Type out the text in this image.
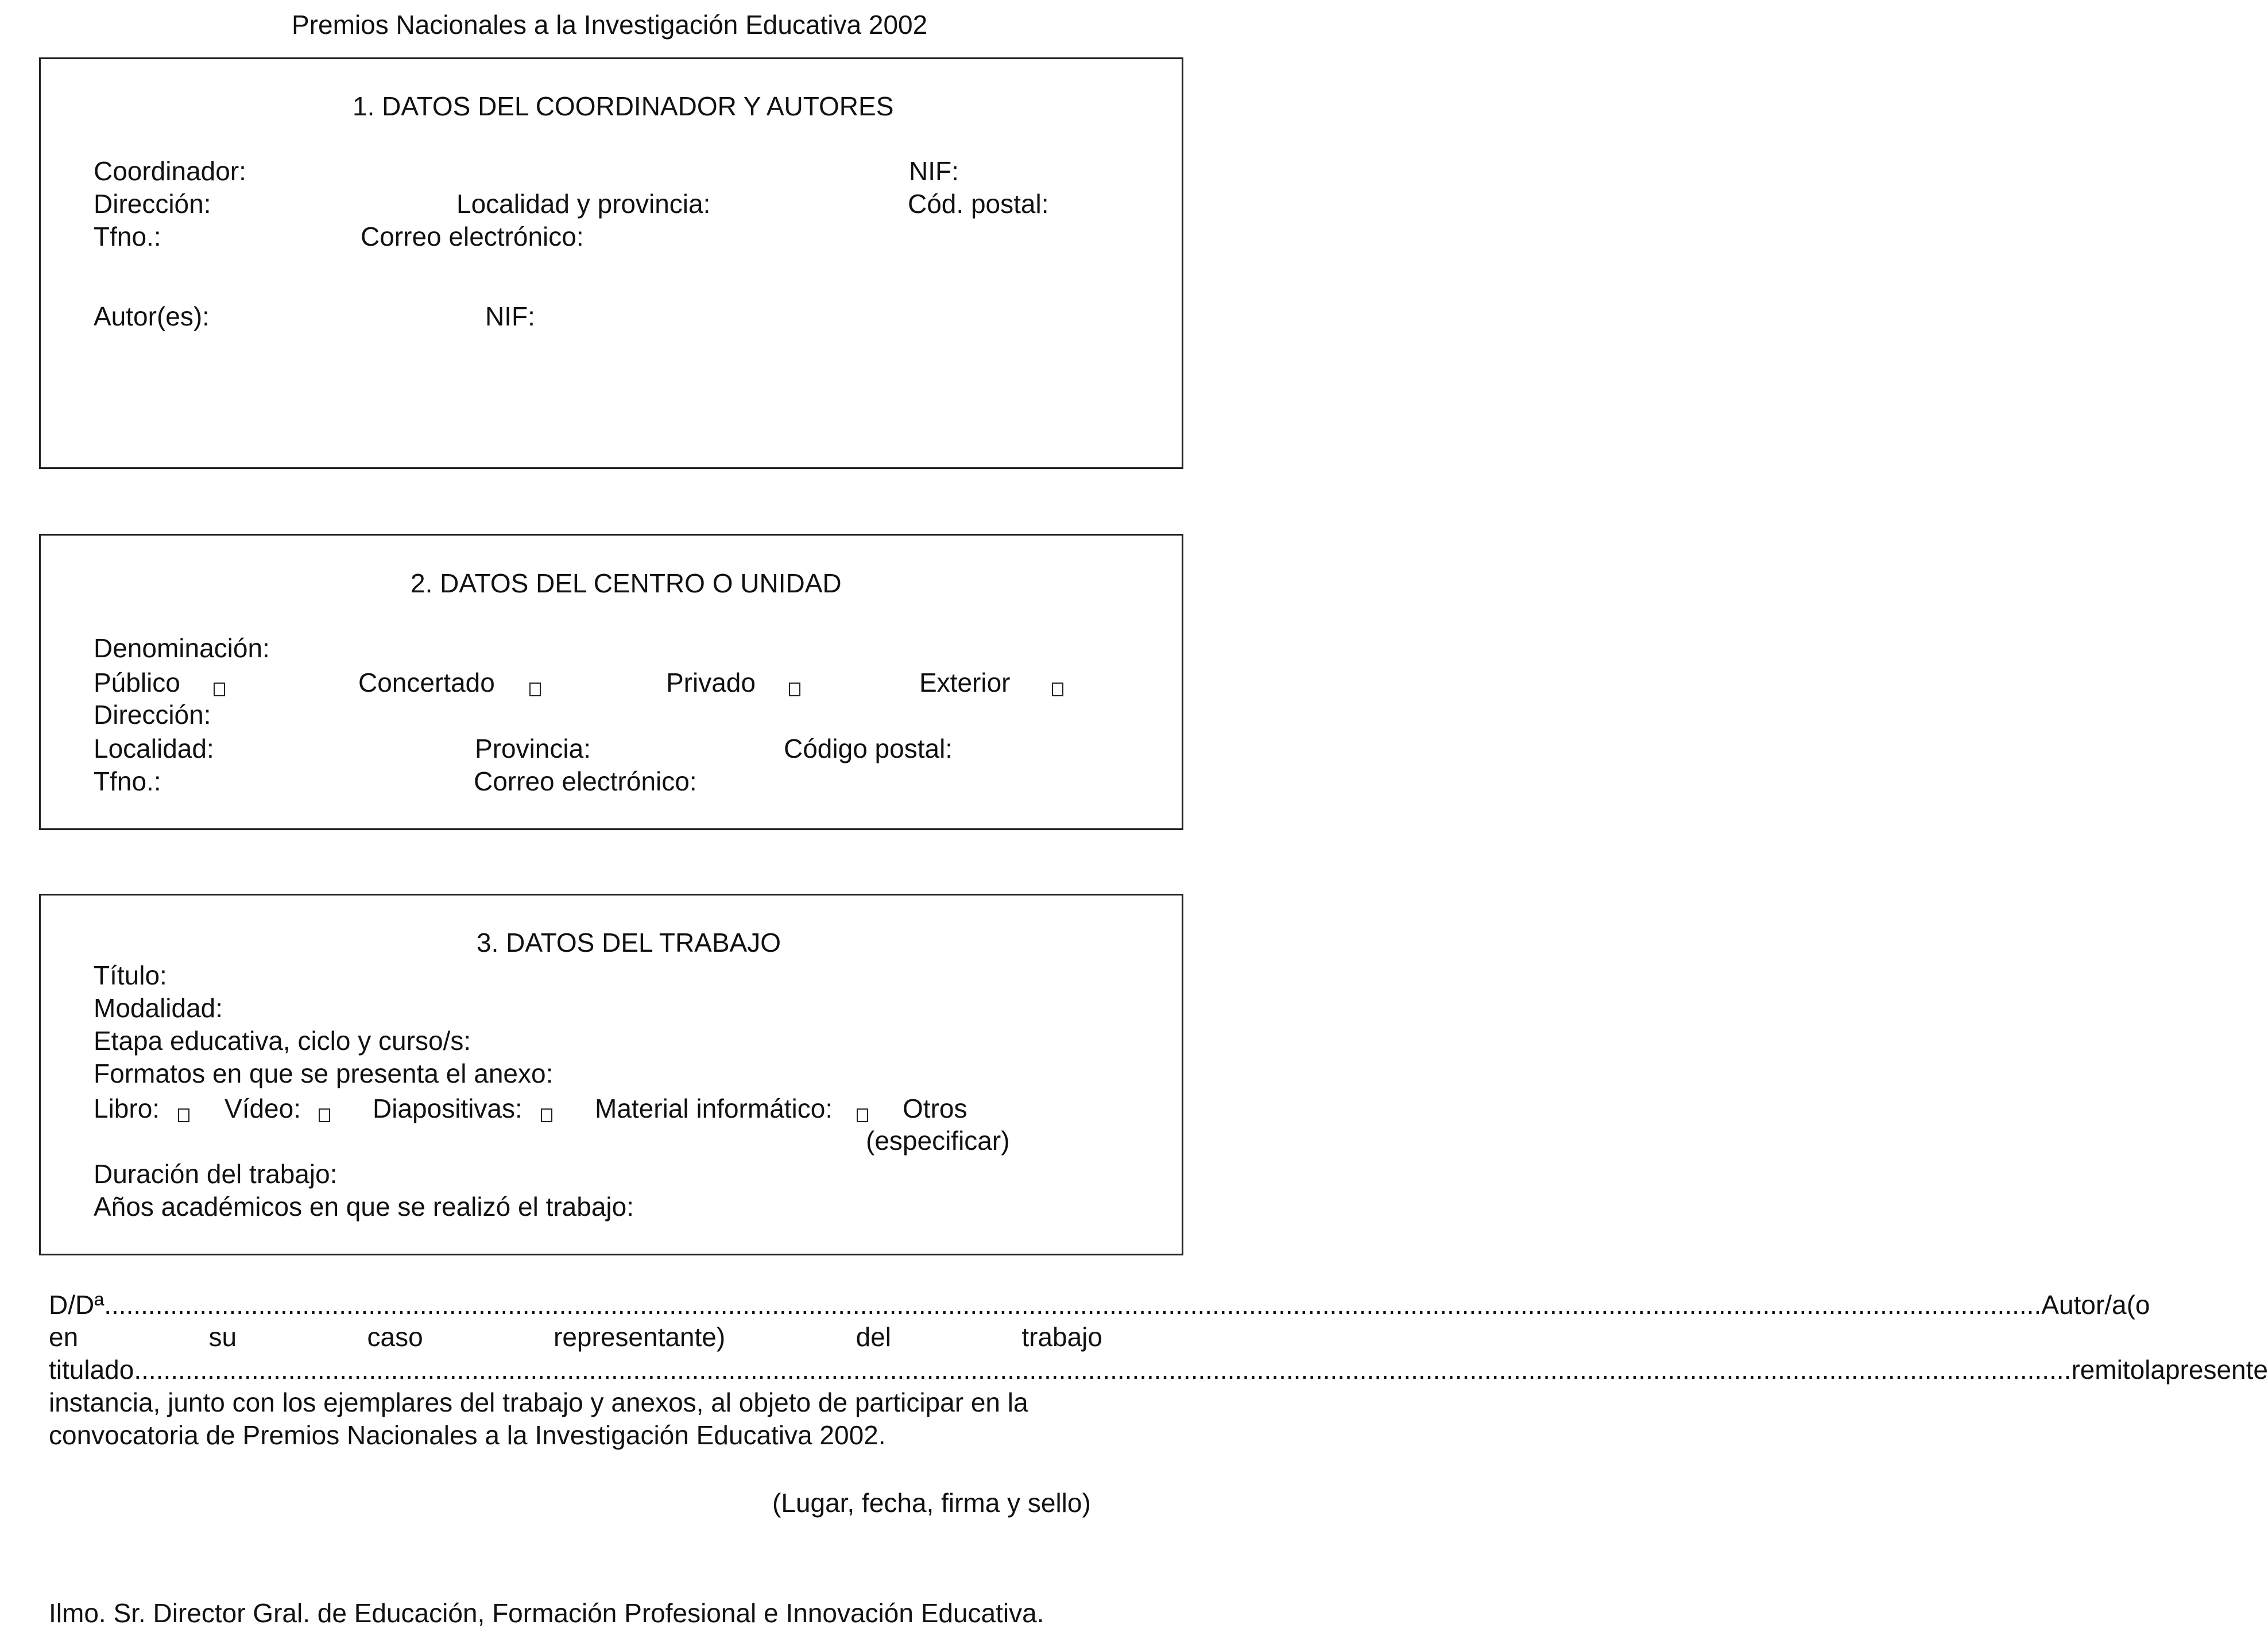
Premios Nacionales a la Investigación Educativa 2002
1. DATOS DEL COORDINADOR Y AUTORES
Coordinador:	NIF:
Dirección:	Localidad y provincia:	Cód. postal:
Tfno.:	Correo electrónico:
Autor(es):	NIF:
2. DATOS DEL CENTRO O UNIDAD
Denominación:
Público	Concertado	Privado	Exterior
Dirección:
Localidad:	Provincia:	Código postal:
Tfno.:	Correo electrónico:
3. DATOS DEL TRABAJO
Título:
Modalidad:
Etapa educativa, ciclo y curso/s:
Formatos en que se presenta el anexo:
Libro: Vídeo:	Diapositivas:	Material informático:	Otros
(especificar)
Duración del trabajo:
Años académicos en que se realizó el trabajo:
D/Dª ........................................................................................................................................................................................................................................................................ Autor/a (o
en	su	caso	representante)	del	trabajo
titulado ........................................................................................................................................................................................................................................................................ remito la presente
instancia, junto con los ejemplares del trabajo y anexos, al objeto de participar en la
convocatoria de Premios Nacionales a la Investigación Educativa 2002.
(Lugar, fecha, firma y sello)
Ilmo. Sr. Director Gral. de Educación, Formación Profesional e Innovación Educativa.
